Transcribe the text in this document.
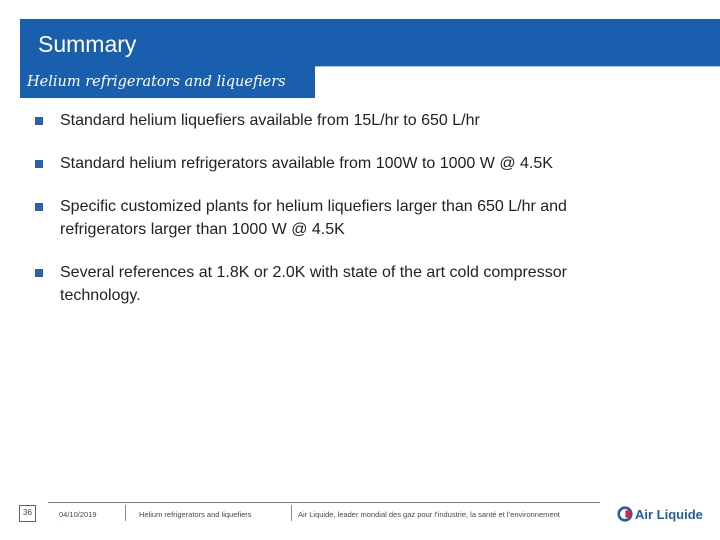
Summary
Helium refrigerators and liquefiers
Standard helium liquefiers available from 15L/hr to 650 L/hr
Standard helium refrigerators available from 100W to 1000 W @ 4.5K
Specific customized plants for helium liquefiers larger than 650 L/hr and refrigerators larger than 1000 W @ 4.5K
Several references at 1.8K or 2.0K with state of the art cold compressor technology.
36	04/10/2019	Helium refrigerators and liquefiers	Air Liquide, leader mondial des gaz pour l’industrie, la santé et l’environnement	Air Liquide
